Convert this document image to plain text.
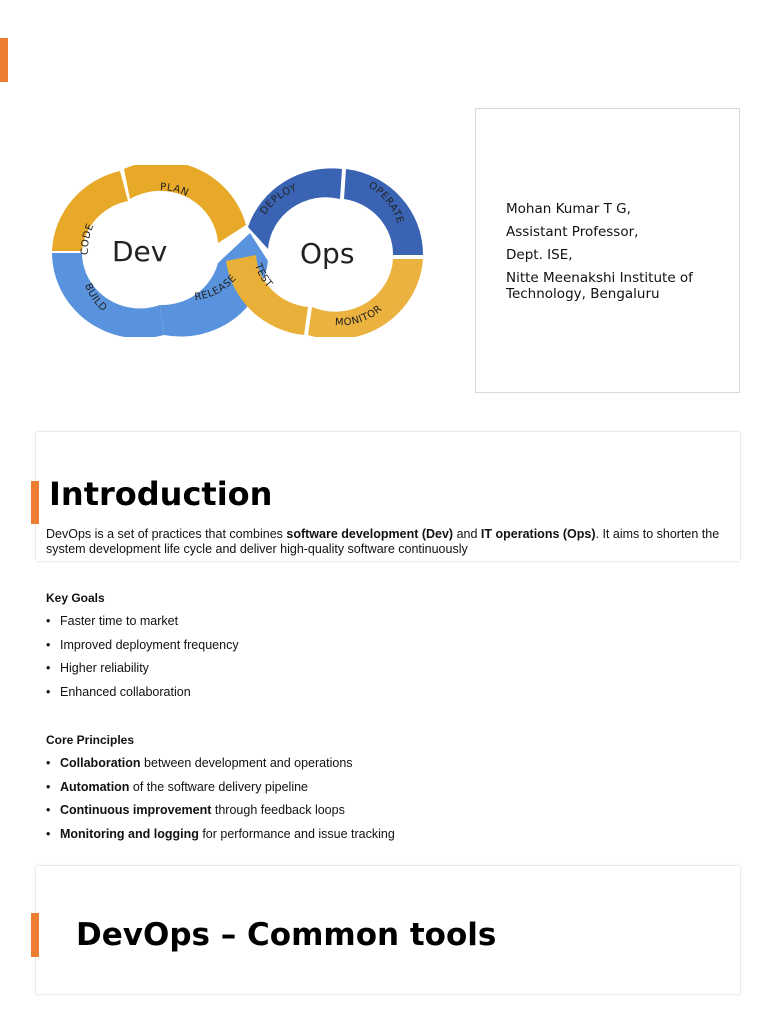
CODE
PLAN
BUILD
RELEASE
DEPLOY	OPERATE
TEST
MONITOR
Dev	Ops
Mohan Kumar T G,
Assistant Professor,
Dept. ISE,
Nitte Meenakshi Institute of Technology, Bengaluru
Introduction
DevOps is a set of practices that combines software development (Dev) and IT operations (Ops). It aims to shorten the system development life cycle and deliver high-quality software continuously
Key Goals
• Faster time to market
• Improved deployment frequency
• Higher reliability
• Enhanced collaboration
Core Principles
• Collaboration between development and operations
• Automation of the software delivery pipeline
• Continuous improvement through feedback loops
• Monitoring and logging for performance and issue tracking
DevOps – Common tools
